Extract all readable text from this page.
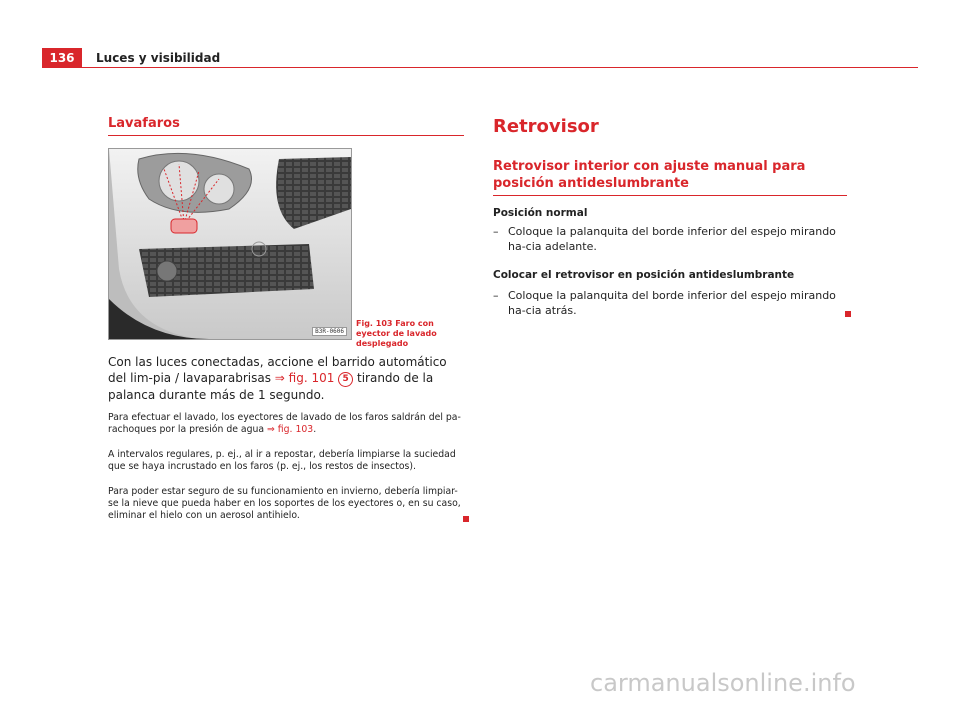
136	Luces y visibilidad
Lavafaros
B3R-0606
Fig. 103 Faro con eyector de lavado desplegado
Con las luces conectadas, accione el barrido automático del lim-pia / lavaparabrisas ⇒ fig. 101 5 tirando de la palanca durante más de 1 segundo.
Para efectuar el lavado, los eyectores de lavado de los faros saldrán del pa-rachoques por la presión de agua ⇒ fig. 103.
A intervalos regulares, p. ej., al ir a repostar, debería limpiarse la suciedad que se haya incrustado en los faros (p. ej., los restos de insectos).
Para poder estar seguro de su funcionamiento en invierno, debería limpiar-se la nieve que pueda haber en los soportes de los eyectores o, en su caso, eliminar el hielo con un aerosol antihielo.
Retrovisor
Retrovisor interior con ajuste manual para posición antideslumbrante
Posición normal
– Coloque la palanquita del borde inferior del espejo mirando ha-cia adelante.
Colocar el retrovisor en posición antideslumbrante
– Coloque la palanquita del borde inferior del espejo mirando ha-cia atrás.
carmanualsonline.info
